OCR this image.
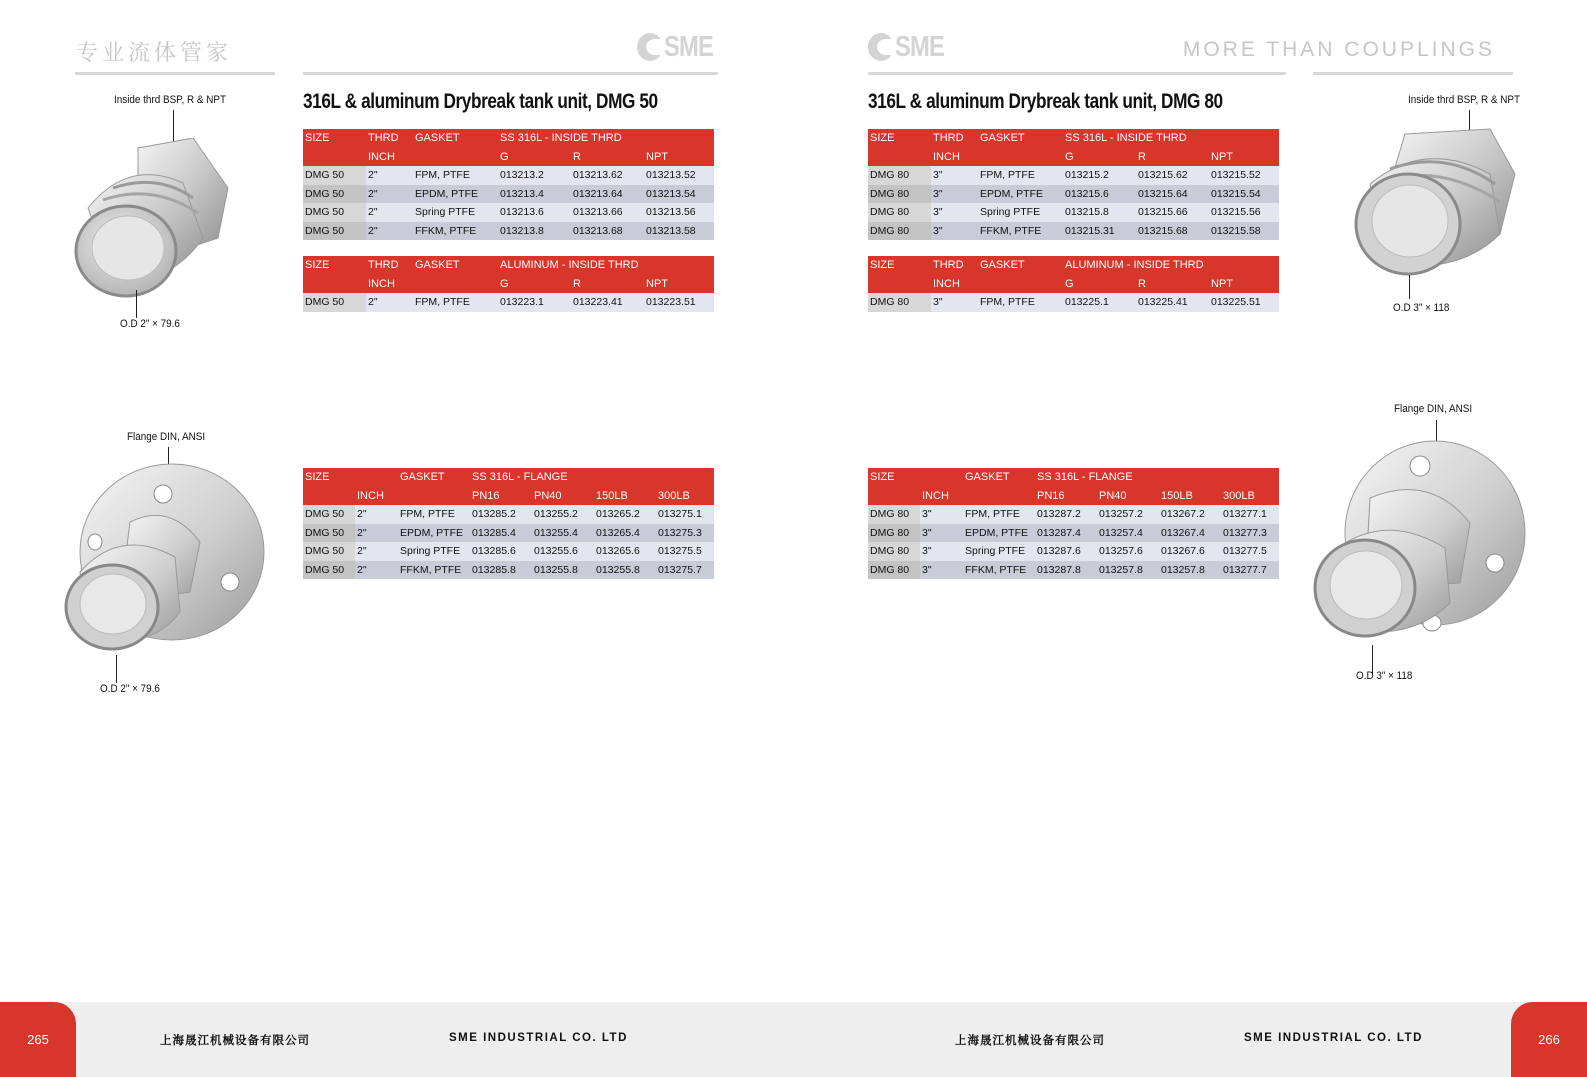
专业流体管家	SME	SME	MORE THAN COUPLINGS
316L & aluminum Drybreak tank unit, DMG 50
Inside thrd BSP, R & NPT
O.D 2" × 79.6
Flange DIN, ANSI
O.D 2" × 79.6
SIZE	THRD	GASKET	SS 316L - INSIDE THRD		
	INCH		G	R	NPT
DMG 50	2"	FPM, PTFE	013213.2	013213.62	013213.52
DMG 50	2"	EPDM, PTFE	013213.4	013213.64	013213.54
DMG 50	2"	Spring PTFE	013213.6	013213.66	013213.56
DMG 50	2"	FFKM, PTFE	013213.8	013213.68	013213.58
SIZE	THRD	GASKET	ALUMINUM - INSIDE THRD		
	INCH		G	R	NPT
DMG 50	2"	FPM, PTFE	013223.1	013223.41	013223.51
SIZE		GASKET	SS 316L - FLANGE			
	INCH		PN16	PN40	150LB	300LB
DMG 50	2"	FPM, PTFE	013285.2	013255.2	013265.2	013275.1
DMG 50	2"	EPDM, PTFE	013285.4	013255.4	013265.4	013275.3
DMG 50	2"	Spring PTFE	013285.6	013255.6	013265.6	013275.5
DMG 50	2"	FFKM, PTFE	013285.8	013255.8	013255.8	013275.7
316L & aluminum Drybreak tank unit, DMG 80
SIZE	THRD	GASKET	SS 316L - INSIDE THRD		
	INCH		G	R	NPT
DMG 80	3"	FPM, PTFE	013215.2	013215.62	013215.52
DMG 80	3"	EPDM, PTFE	013215.6	013215.64	013215.54
DMG 80	3"	Spring PTFE	013215.8	013215.66	013215.56
DMG 80	3"	FFKM, PTFE	013215.31	013215.68	013215.58
SIZE	THRD	GASKET	ALUMINUM - INSIDE THRD		
	INCH		G	R	NPT
DMG 80	3"	FPM, PTFE	013225.1	013225.41	013225.51
SIZE		GASKET	SS 316L - FLANGE			
	INCH		PN16	PN40	150LB	300LB
DMG 80	3"	FPM, PTFE	013287.2	013257.2	013267.2	013277.1
DMG 80	3"	EPDM, PTFE	013287.4	013257.4	013267.4	013277.3
DMG 80	3"	Spring PTFE	013287.6	013257.6	013267.6	013277.5
DMG 80	3"	FFKM, PTFE	013287.8	013257.8	013257.8	013277.7
Inside thrd BSP, R & NPT
O.D 3" × 118
Flange DIN, ANSI
O.D 3" × 118
265	266
上海晟江机械设备有限公司	SME INDUSTRIAL CO. LTD	上海晟江机械设备有限公司	SME INDUSTRIAL CO. LTD
